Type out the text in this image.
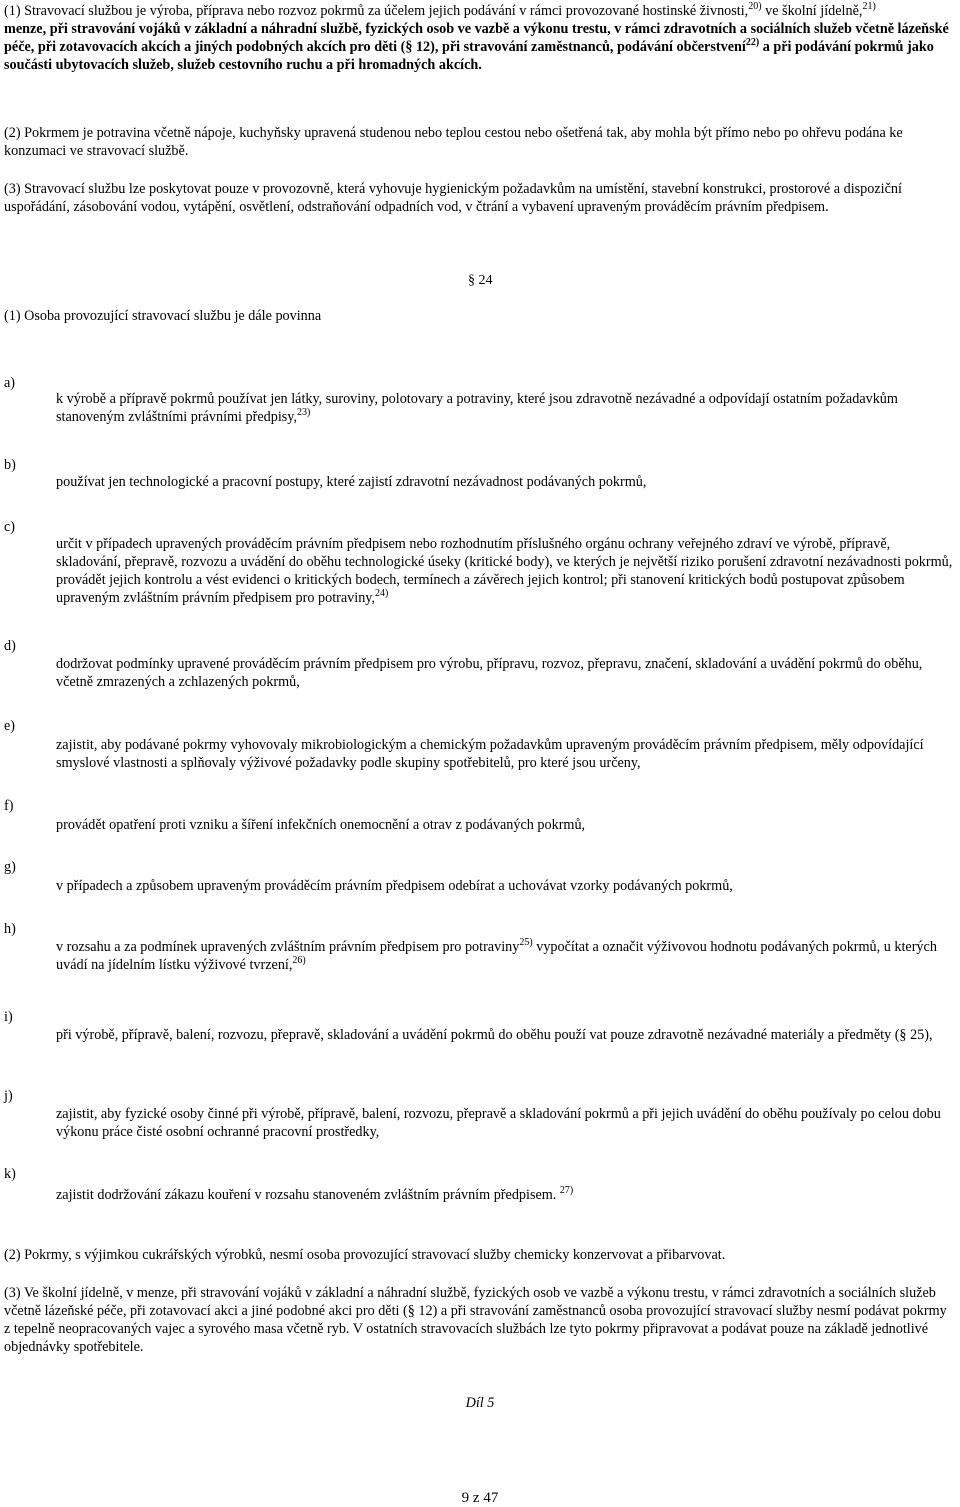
(1) Stravovací službou je výroba, příprava nebo rozvoz pokrmů za účelem jejich podávání v rámci provozované hostinské živnosti,$^{20)}$ ve školní jídelně,$^{21)}$
menze, při stravování vojáků v základní a náhradní službě, fyzických osob ve vazbě a výkonu trestu, v rámci zdravotních a sociálních služeb včetně lázeňské péče, při zotavovacích akcích a jiných podobných akcích pro děti (§ 12), při stravování zaměstnanců, podávání občerstvení$^{22)}$ a při podávání pokrmů jako součásti ubytovacích služeb, služeb cestovního ruchu a při hromadných akcích.

(2) Pokrmem je potravina včetně nápoje, kuchyňsky upravená studenou nebo teplou cestou nebo ošetřená tak, aby mohla být přímo nebo po ohřevu podána ke konzumaci ve stravovací službě.

(3) Stravovací službu lze poskytovat pouze v provozovně, která vyhovuje hygienickým požadavkům na umístění, stavební konstrukci, prostorové a dispoziční uspořádání, zásobování vodou, vytápění, osvětlení, odstraňování odpadních vod, v čtrání a vybavení upraveným prováděcím právním předpisem.

§ 24
(1) Osoba provozující stravovací službu je dále povinna
a)
k výrobě a přípravě pokrmů používat jen látky, suroviny, polotovary a potraviny, které jsou zdravotně nezávadné a odpovídají ostatním požadavkům stanoveným zvláštními právními předpisy,$^{23)}$
b)
používat jen technologické a pracovní postupy, které zajistí zdravotní nezávadnost podávaných pokrmů,
c)
určit v případech upravených prováděcím právním předpisem nebo rozhodnutím příslušného orgánu ochrany veřejného zdraví ve výrobě, přípravě, skladování, přepravě, rozvozu a uvádění do oběhu technologické úseky (kritické body), ve kterých je největší riziko porušení zdravotní nezávadnosti pokrmů, provádět jejich kontrolu a vést evidenci o kritických bodech, termínech a závěrech jejich kontrol; při stanovení kritických bodů postupovat způsobem upraveným zvláštním právním předpisem pro potraviny,$^{24)}$
d)
dodržovat podmínky upravené prováděcím právním předpisem pro výrobu, přípravu, rozvoz, přepravu, značení, skladování a uvádění pokrmů do oběhu, včetně zmrazených a zchlazených pokrmů,
e)
zajistit, aby podávané pokrmy vyhovovaly mikrobiologickým a chemickým požadavkům upraveným prováděcím právním předpisem, měly odpovídající smyslové vlastnosti a splňovaly výživové požadavky podle skupiny spotřebitelů, pro které jsou určeny,
f)
provádět opatření proti vzniku a šíření infekčních onemocnění a otrav z podávaných pokrmů,
g)
v případech a způsobem upraveným prováděcím právním předpisem odebírat a uchovávat vzorky podávaných pokrmů,
h)
v rozsahu a za podmínek upravených zvláštním právním předpisem pro potraviny$^{25)}$ vypočítat a označit výživovou hodnotu podávaných pokrmů, u kterých uvádí na jídelním lístku výživové tvrzení,$^{26)}$
i)
při výrobě, přípravě, balení, rozvozu, přepravě, skladování a uvádění pokrmů do oběhu použí vat pouze zdravotně nezávadné materiály a předměty (§ 25),
j)
zajistit, aby fyzické osoby činné při výrobě, přípravě, balení, rozvozu, přepravě a skladování pokrmů a při jejich uvádění do oběhu používaly po celou dobu výkonu práce čisté osobní ochranné pracovní prostředky,
k)
zajistit dodržování zákazu kouření v rozsahu stanoveném zvláštním právním předpisem. $^{27)}$

(2) Pokrmy, s výjimkou cukrářských výrobků, nesmí osoba provozující stravovací služby chemicky konzervovat a přibarvovat.

(3) Ve školní jídelně, v menze, při stravování vojáků v základní a náhradní službě, fyzických osob ve vazbě a výkonu trestu, v rámci zdravotních a sociálních služeb včetně lázeňské péče, při zotavovací akci a jiné podobné akci pro děti (§ 12) a při stravování zaměstnanců osoba provozující stravovací služby nesmí podávat pokrmy z tepelně neopracovaných vajec a syrového masa včetně ryb. V ostatních stravovacích službách lze tyto pokrmy připravovat a podávat pouze na základě jednotlivé objednávky spotřebitele.

Díl 5
9 z 47
